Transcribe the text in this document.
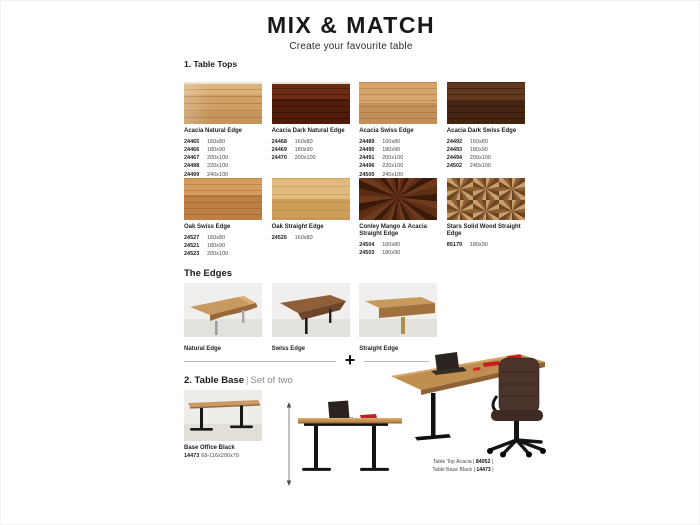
MIX & MATCH
Create your favourite table
1. Table Tops
Acacia Natural Edge
24465	160x80
24466	180x90
24467	200x100
24498	220x100
24499	240x100
Acacia Dark Natural Edge
24468	160x80
24469	180x90
24470	200x100
Acacia Swiss Edge
24489	160x80
24490	180x90
24491	200x100
24496	220x100
24500	240x100
Acacia Dark Swiss Edge
24492	160x80
24493	180x90
24494	200x100
24502	240x100
Oak Swiss Edge
24527	160x80
24521	180x90
24523	200x100
Oak Straight Edge
24526	160x80
Conley Mango & Acacia Straight Edge
24504	160x80
24503	180x90
Stars Solid Wood Straight Edge
85179	180x90
The Edges
Natural Edge	Swiss Edge	Straight Edge
+
2. Table Base | Set of two
Base Office Black
14473 68-116x200x70
Table Top Acacia | 84052 |
Table Base Black | 14473 |
